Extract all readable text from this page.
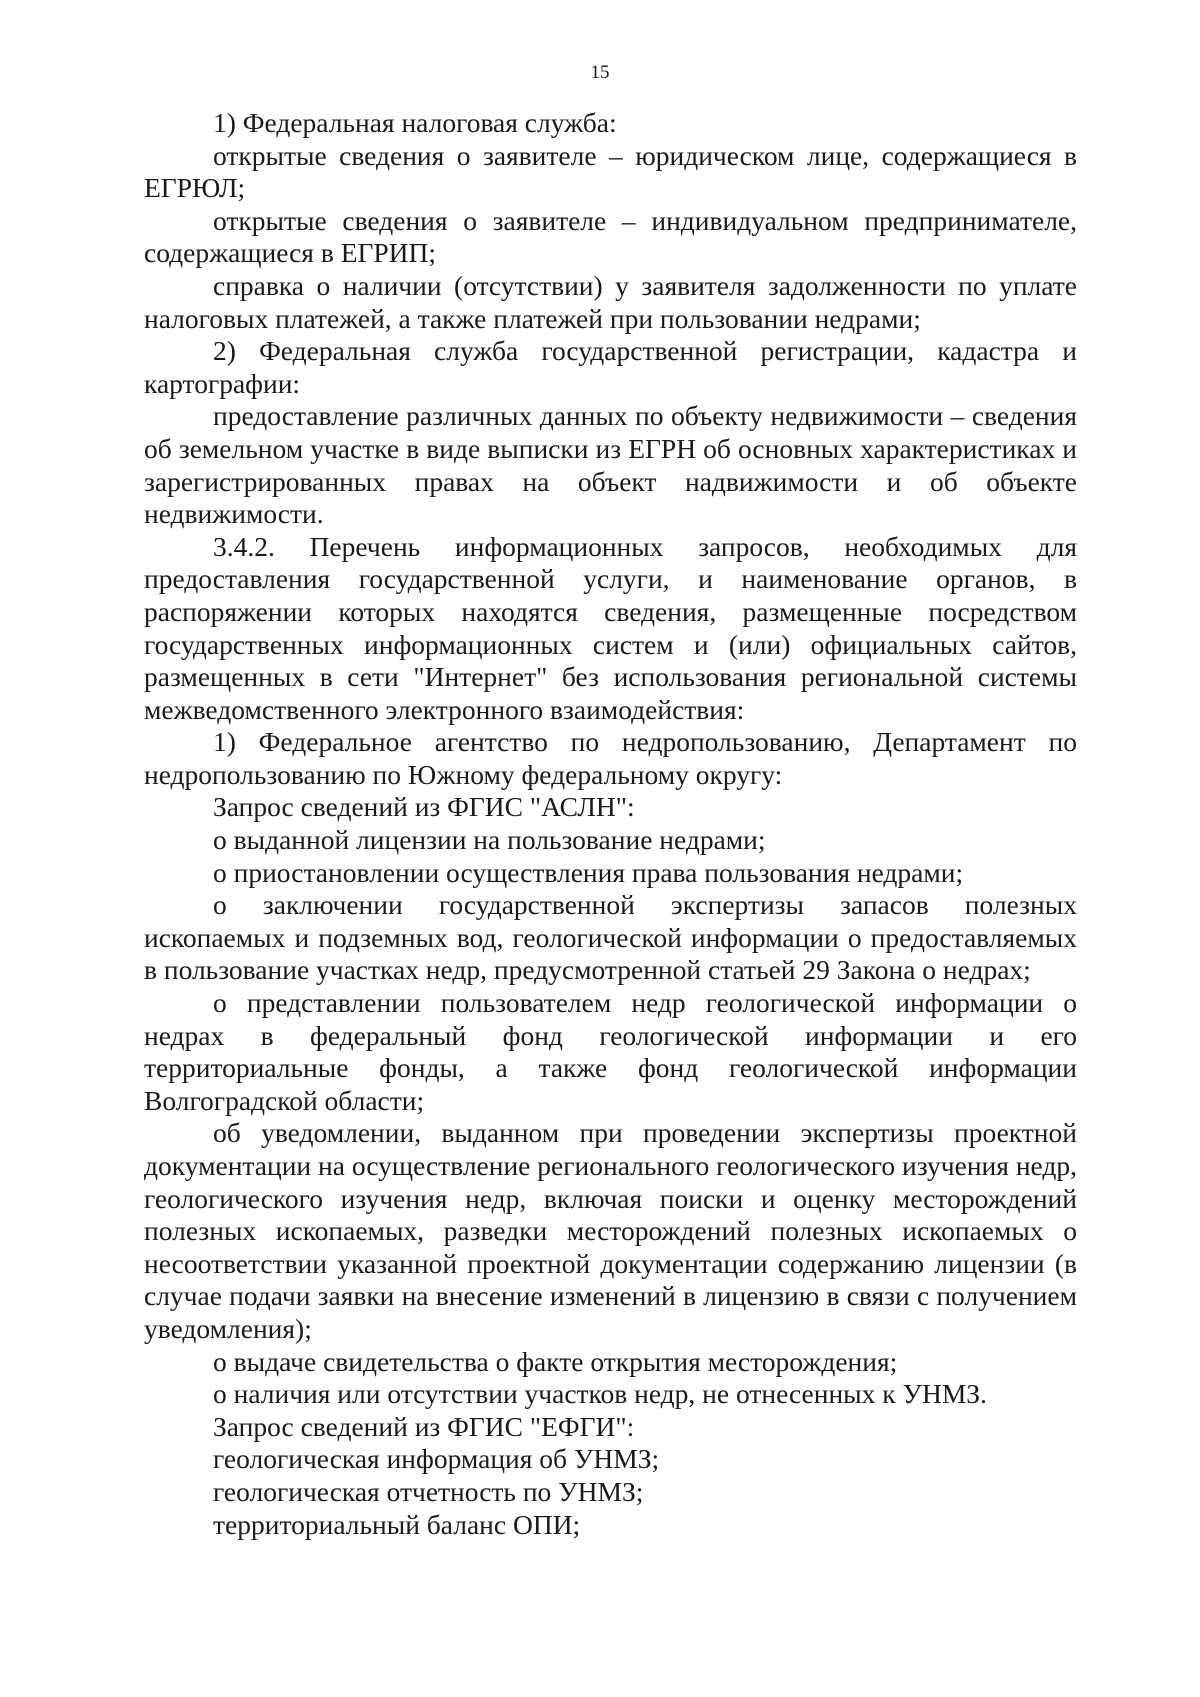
15

1) Федеральная налоговая служба:

открытые сведения о заявителе – юридическом лице, содержащиеся в ЕГРЮЛ;

открытые сведения о заявителе – индивидуальном предпринимателе, содержащиеся в ЕГРИП;

справка о наличии (отсутствии) у заявителя задолженности по уплате налоговых платежей, а также платежей при пользовании недрами;

2) Федеральная служба государственной регистрации, кадастра и картографии:

предоставление различных данных по объекту недвижимости – сведения об земельном участке в виде выписки из ЕГРН об основных характеристиках и зарегистрированных правах на объект надвижимости и об объекте недвижимости.

3.4.2. Перечень информационных запросов, необходимых для предоставления государственной услуги, и наименование органов, в распоряжении которых находятся сведения, размещенные посредством государственных информационных систем и (или) официальных сайтов, размещенных в сети "Интернет" без использования региональной системы межведомственного электронного взаимодействия:

1) Федеральное агентство по недропользованию, Департамент по недропользованию по Южному федеральному округу:

Запрос сведений из ФГИС "АСЛН":

о выданной лицензии на пользование недрами;

о приостановлении осуществления права пользования недрами;

о заключении государственной экспертизы запасов полезных ископаемых и подземных вод, геологической информации о предоставляемых в пользование участках недр, предусмотренной статьей 29 Закона о недрах;

о представлении пользователем недр геологической информации о недрах в федеральный фонд геологической информации и его территориальные фонды, а также фонд геологической информации Волгоградской области;

об уведомлении, выданном при проведении экспертизы проектной документации на осуществление регионального геологического изучения недр, геологического изучения недр, включая поиски и оценку месторождений полезных ископаемых, разведки месторождений полезных ископаемых о несоответствии указанной проектной документации содержанию лицензии (в случае подачи заявки на внесение изменений в лицензию в связи с получением уведомления);

о выдаче свидетельства о факте открытия месторождения;

о наличия или отсутствии участков недр, не отнесенных к УНМЗ.

Запрос сведений из ФГИС "ЕФГИ":

геологическая информация об УНМЗ;

геологическая отчетность по УНМЗ;

территориальный баланс ОПИ;
